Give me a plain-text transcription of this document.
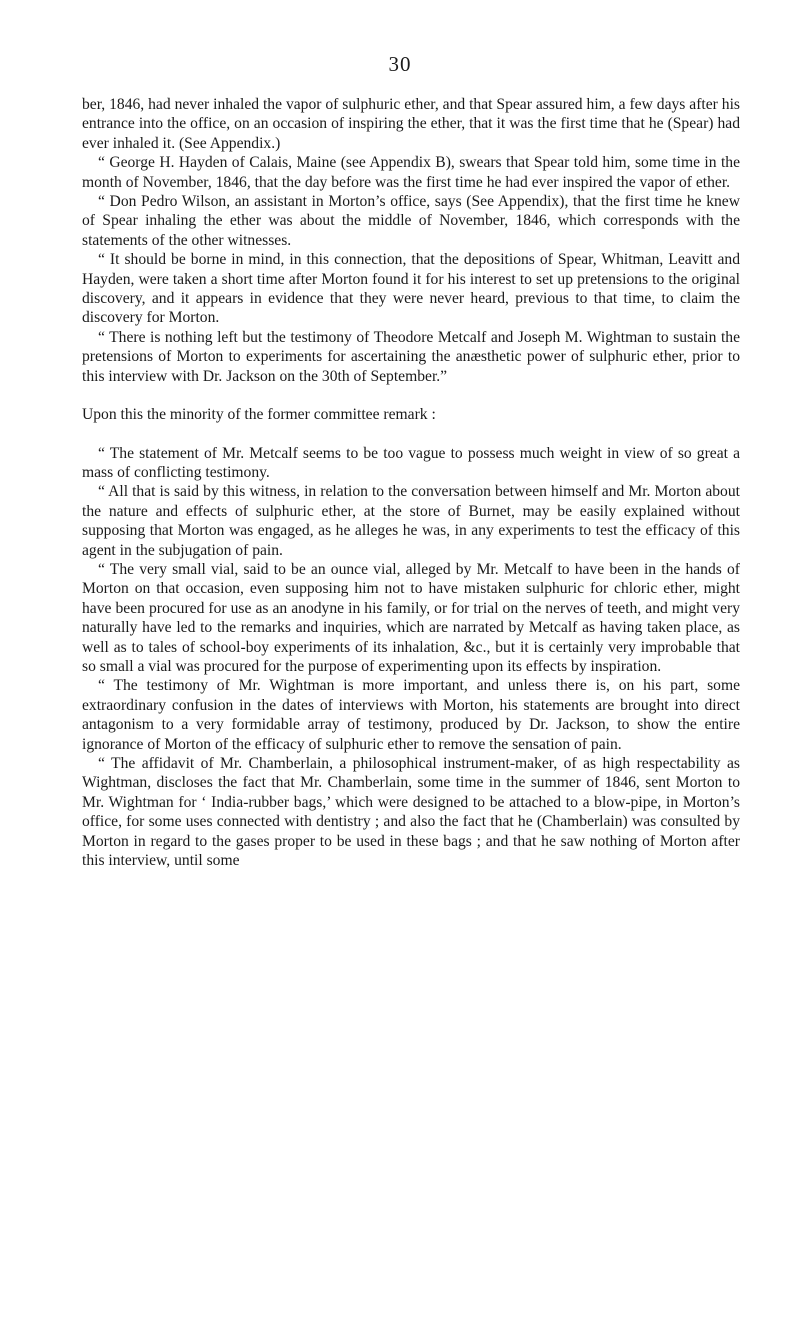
30

ber, 1846, had never inhaled the vapor of sulphuric ether, and that Spear assured him, a few days after his entrance into the office, on an occasion of inspiring the ether, that it was the first time that he (Spear) had ever inhaled it. (See Appendix.)

“ George H. Hayden of Calais, Maine (see Appendix B), swears that Spear told him, some time in the month of November, 1846, that the day before was the first time he had ever inspired the vapor of ether.

“ Don Pedro Wilson, an assistant in Morton’s office, says (See Appendix), that the first time he knew of Spear inhaling the ether was about the middle of November, 1846, which corresponds with the statements of the other witnesses.

“ It should be borne in mind, in this connection, that the depositions of Spear, Whitman, Leavitt and Hayden, were taken a short time after Morton found it for his interest to set up pretensions to the original discovery, and it appears in evidence that they were never heard, previous to that time, to claim the discovery for Morton.

“ There is nothing left but the testimony of Theodore Metcalf and Joseph M. Wightman to sustain the pretensions of Morton to experiments for ascertaining the anæsthetic power of sulphuric ether, prior to this interview with Dr. Jackson on the 30th of September.”

Upon this the minority of the former committee remark :

“ The statement of Mr. Metcalf seems to be too vague to possess much weight in view of so great a mass of conflicting testimony.

“ All that is said by this witness, in relation to the conversation between himself and Mr. Morton about the nature and effects of sulphuric ether, at the store of Burnet, may be easily explained without supposing that Morton was engaged, as he alleges he was, in any experiments to test the efficacy of this agent in the subjugation of pain.

“ The very small vial, said to be an ounce vial, alleged by Mr. Metcalf to have been in the hands of Morton on that occasion, even supposing him not to have mistaken sulphuric for chloric ether, might have been procured for use as an anodyne in his family, or for trial on the nerves of teeth, and might very naturally have led to the remarks and inquiries, which are narrated by Metcalf as having taken place, as well as to tales of school-boy experiments of its inhalation, &c., but it is certainly very improbable that so small a vial was procured for the purpose of experimenting upon its effects by inspiration.

“ The testimony of Mr. Wightman is more important, and unless there is, on his part, some extraordinary confusion in the dates of interviews with Morton, his statements are brought into direct antagonism to a very formidable array of testimony, produced by Dr. Jackson, to show the entire ignorance of Morton of the efficacy of sulphuric ether to remove the sensation of pain.

“ The affidavit of Mr. Chamberlain, a philosophical instrument-maker, of as high respectability as Wightman, discloses the fact that Mr. Chamberlain, some time in the summer of 1846, sent Morton to Mr. Wightman for ‘ India-rubber bags,’ which were designed to be attached to a blow-pipe, in Morton’s office, for some uses connected with dentistry ; and also the fact that he (Chamberlain) was consulted by Morton in regard to the gases proper to be used in these bags ; and that he saw nothing of Morton after this interview, until some
